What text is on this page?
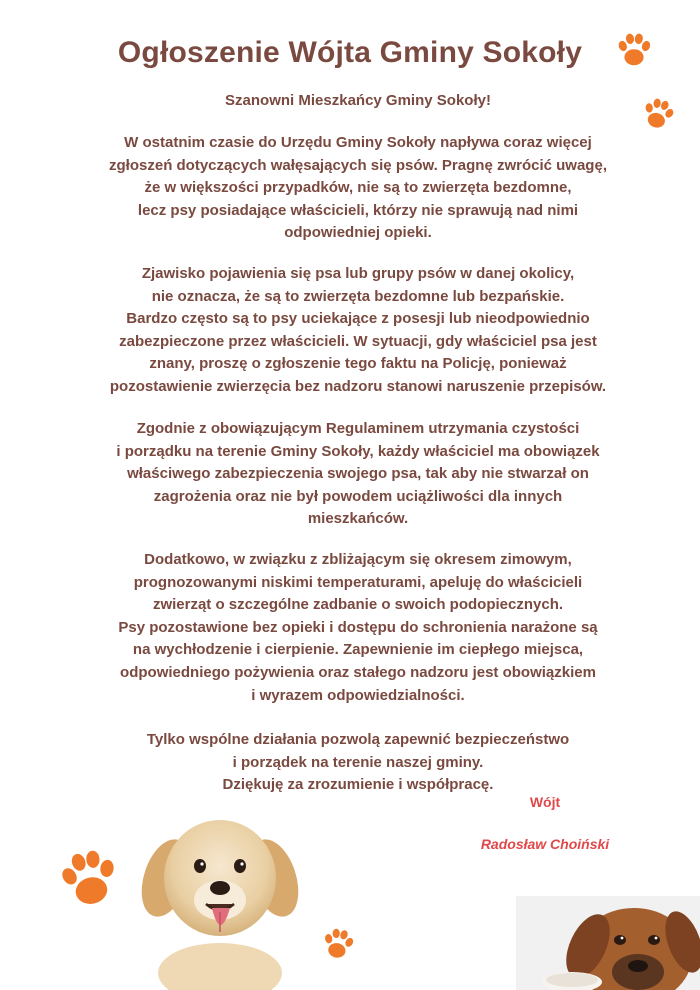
Ogłoszenie Wójta Gminy Sokoły
Szanowni Mieszkańcy Gminy Sokoły!
W ostatnim czasie do Urzędu Gminy Sokoły napływa coraz więcej
zgłoszeń dotyczących wałęsających się psów. Pragnę zwrócić uwagę,
że w większości przypadków, nie są to zwierzęta bezdomne,
lecz psy posiadające właścicieli, którzy nie sprawują nad nimi
odpowiedniej opieki.
Zjawisko pojawienia się psa lub grupy psów w danej okolicy,
nie oznacza, że są to zwierzęta bezdomne lub bezpańskie.
Bardzo często są to psy uciekające z posesji lub nieodpowiednio
zabezpieczone przez właścicieli. W sytuacji, gdy właściciel psa jest
znany, proszę o zgłoszenie tego faktu na Policję, ponieważ
pozostawienie zwierzęcia bez nadzoru stanowi naruszenie przepisów.
Zgodnie z obowiązującym Regulaminem utrzymania czystości
i porządku na terenie Gminy Sokoły, każdy właściciel ma obowiązek
właściwego zabezpieczenia swojego psa, tak aby nie stwarzał on
zagrożenia oraz nie był powodem uciążliwości dla innych
mieszkańców.
Dodatkowo, w związku z zbliżającym się okresem zimowym,
prognozowanymi niskimi temperaturami, apeluję do właścicieli
zwierząt o szczególne zadbanie o swoich podopiecznych.
Psy pozostawione bez opieki i dostępu do schronienia narażone są
na wychłodzenie i cierpienie. Zapewnienie im ciepłego miejsca,
odpowiedniego pożywienia oraz stałego nadzoru jest obowiązkiem
i wyrazem odpowiedzialności.
Tylko wspólne działania pozwolą zapewnić bezpieczeństwo
i porządek na terenie naszej gminy.
Dziękuję za zrozumienie i współpracę.
Wójt
Radosław Choiński
